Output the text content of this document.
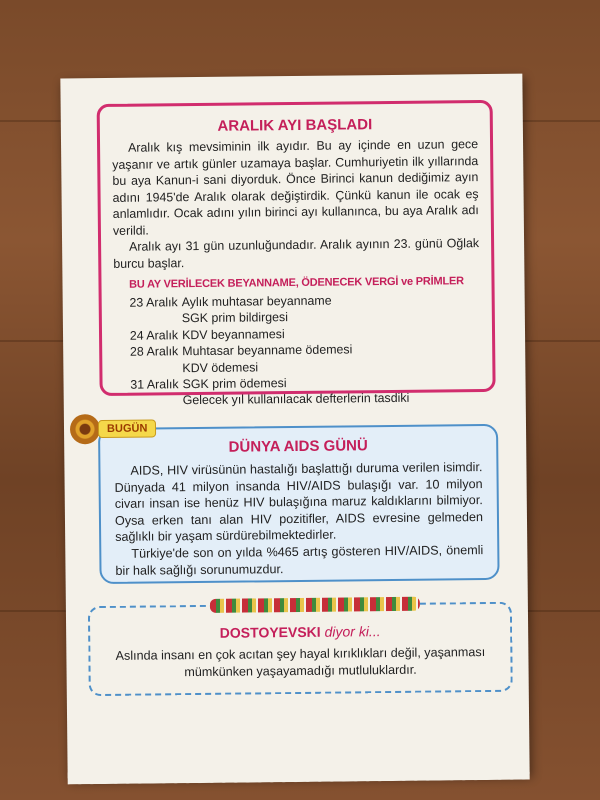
ARALIK AYI BAŞLADI

Aralık kış mevsiminin ilk ayıdır. Bu ay içinde en uzun gece yaşanır ve artık günler uzamaya başlar. Cumhuriyetin ilk yıllarında bu aya Kanun-i sani diyorduk. Önce Birinci kanun dediğimiz ayın adını 1945'de Aralık olarak değiştirdik. Çünkü kanun ile ocak eş anlamlıdır. Ocak adını yılın birinci ayı kullanınca, bu aya Aralık adı verildi.

Aralık ayı 31 gün uzunluğundadır. Aralık ayının 23. günü Oğlak burcu başlar.

BU AY VERİLECEK BEYANNAME, ÖDENECEK VERGİ ve PRİMLER
23 Aralık Aylık muhtasar beyanname
SGK prim bildirgesi
24 Aralık KDV beyannamesi
28 Aralık Muhtasar beyanname ödemesi
KDV ödemesi
31 Aralık SGK prim ödemesi
Gelecek yıl kullanılacak defterlerin tasdiki
DÜNYA AIDS GÜNÜ

AIDS, HIV virüsünün hastalığı başlattığı duruma verilen isimdir. Dünyada 41 milyon insanda HIV/AIDS bulaşığı var. 10 milyon civarı insan ise henüz HIV bulaşığına maruz kaldıklarını bilmiyor. Oysa erken tanı alan HIV pozitifler, AIDS evresine gelmeden sağlıklı bir yaşam sürdürebilmektedirler.

Türkiye'de son on yılda %465 artış gösteren HIV/AIDS, önemli bir halk sağlığı sorunumuzdur.

BUGÜN
DOSTOYEVSKI diyor ki...

Aslında insanı en çok acıtan şey hayal kırıklıkları değil, yaşanması mümkünken yaşayamadığı mutluluklardır.
